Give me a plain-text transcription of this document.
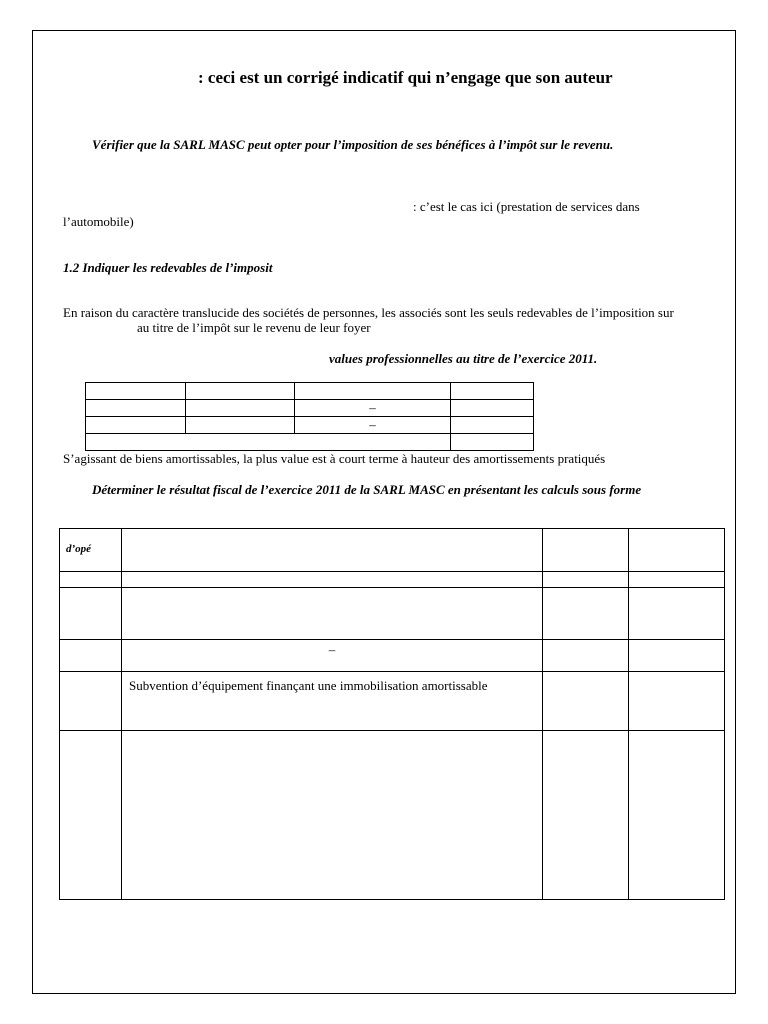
: ceci est un corrigé indicatif qui n’engage que son auteur
Vérifier que la SARL MASC peut opter pour l’imposition de ses bénéfices à l’impôt sur le revenu.
: c’est le cas ici (prestation de services dans
l’automobile)
1.2 Indiquer les redevables de l’imposit
En raison du caractère translucide des sociétés de personnes, les associés sont les seuls redevables de l’imposition sur
au titre de l’impôt sur le revenu de leur foyer
values professionnelles au titre de l’exercice 2011.

		–	
		–	

S’agissant de biens amortissables, la plus value est à court terme à hauteur des amortissements pratiqués
Déterminer le résultat fiscal de l’exercice 2011 de la SARL MASC en présentant les calculs sous forme
d’opé			

	–		
	Subvention d’équipement finançant une immobilisation amortissable		
